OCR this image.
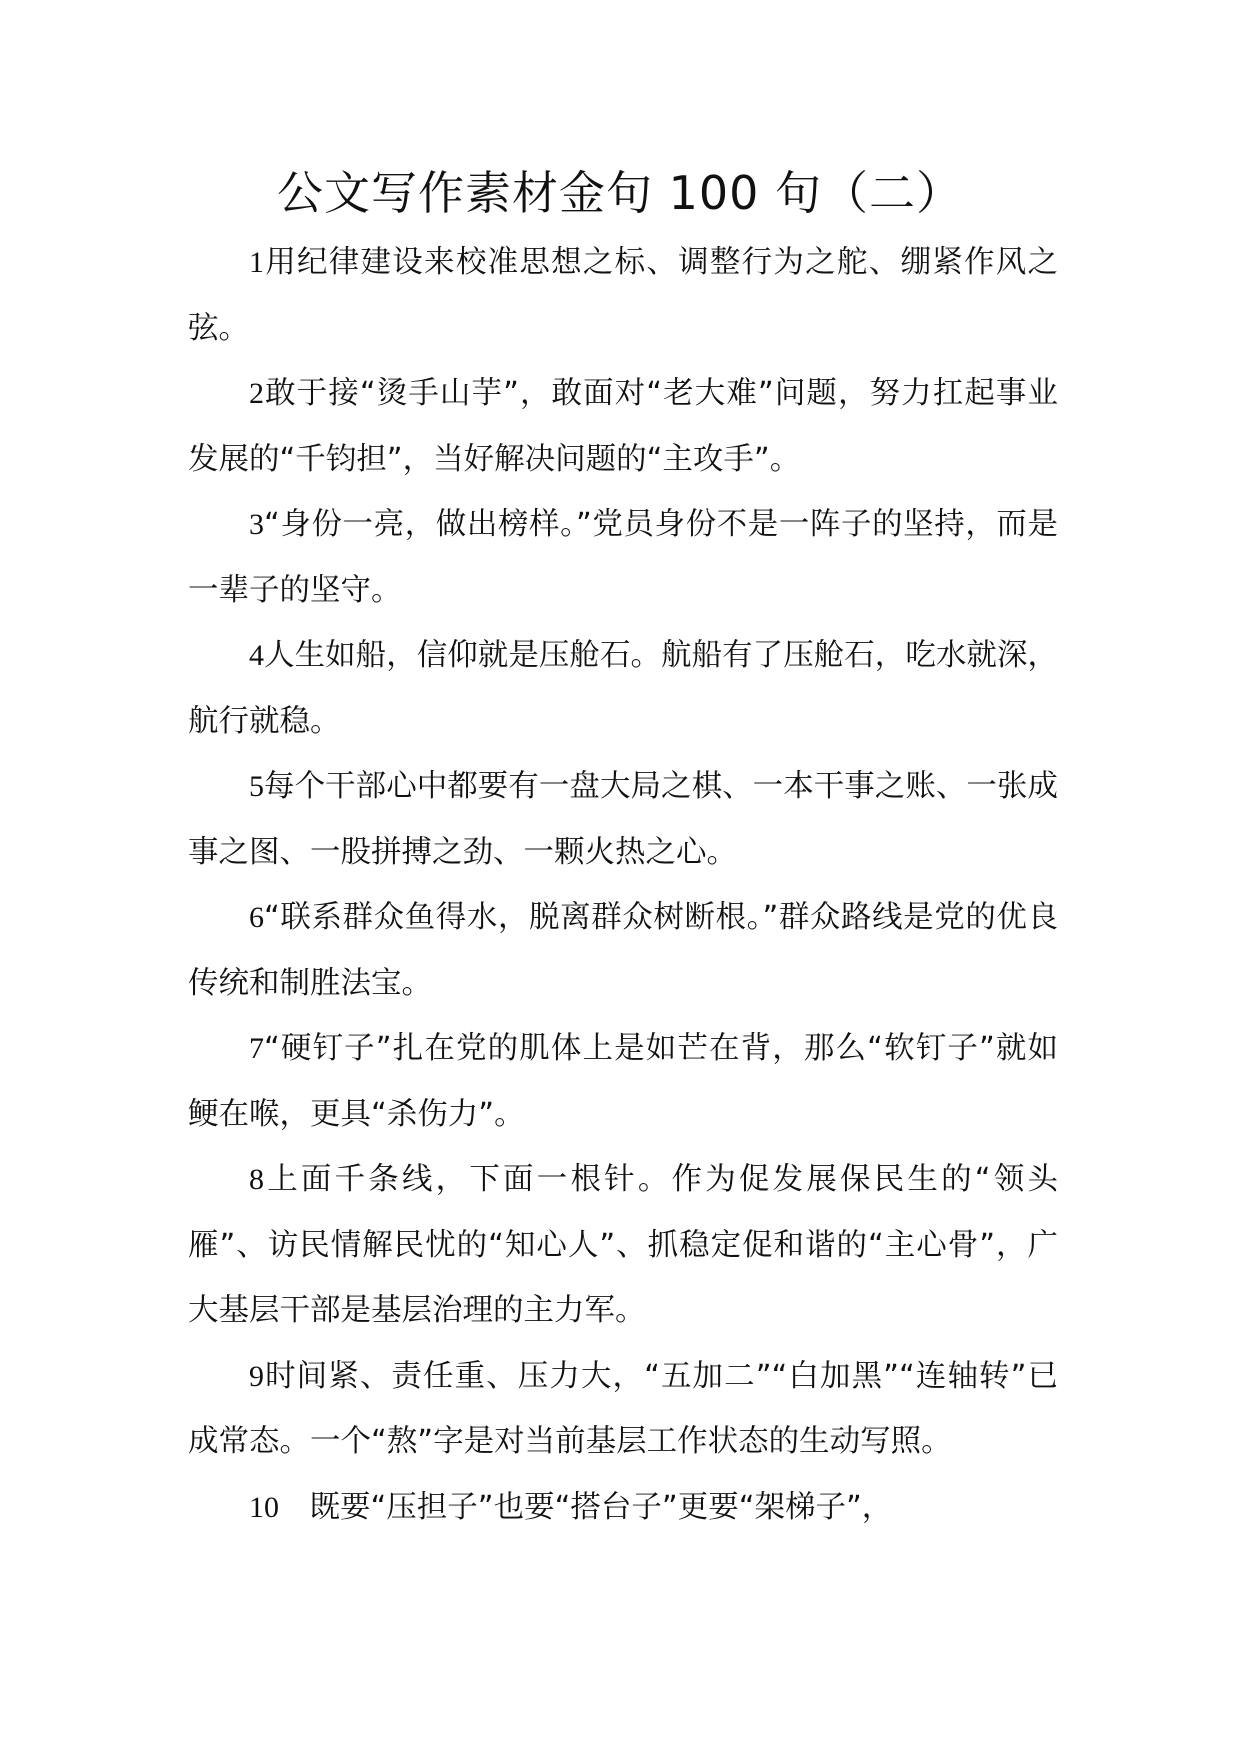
公文写作素材金句 100 句（二）

1用纪律建设来校准思想之标、调整行为之舵、绷紧作风之弦。

2敢于接“烫手山芋”，敢面对“老大难”问题，努力扛起事业发展的“千钧担”，当好解决问题的“主攻手”。

3“身份一亮，做出榜样。”党员身份不是一阵子的坚持，而是一辈子的坚守。

4人生如船，信仰就是压舱石。航船有了压舱石，吃水就深，航行就稳。

5每个干部心中都要有一盘大局之棋、一本干事之账、一张成事之图、一股拼搏之劲、一颗火热之心。

6“联系群众鱼得水，脱离群众树断根。”群众路线是党的优良传统和制胜法宝。

7“硬钉子”扎在党的肌体上是如芒在背，那么“软钉子”就如鲠在喉，更具“杀伤力”。

8上面千条线，下面一根针。作为促发展保民生的“领头雁”、访民情解民忧的“知心人”、抓稳定促和谐的“主心骨”，广大基层干部是基层治理的主力军。

9时间紧、责任重、压力大，“五加二”“白加黑”“连轴转”已成常态。一个“熬”字是对当前基层工作状态的生动写照。

10　既要“压担子”也要“搭台子”更要“架梯子”，
